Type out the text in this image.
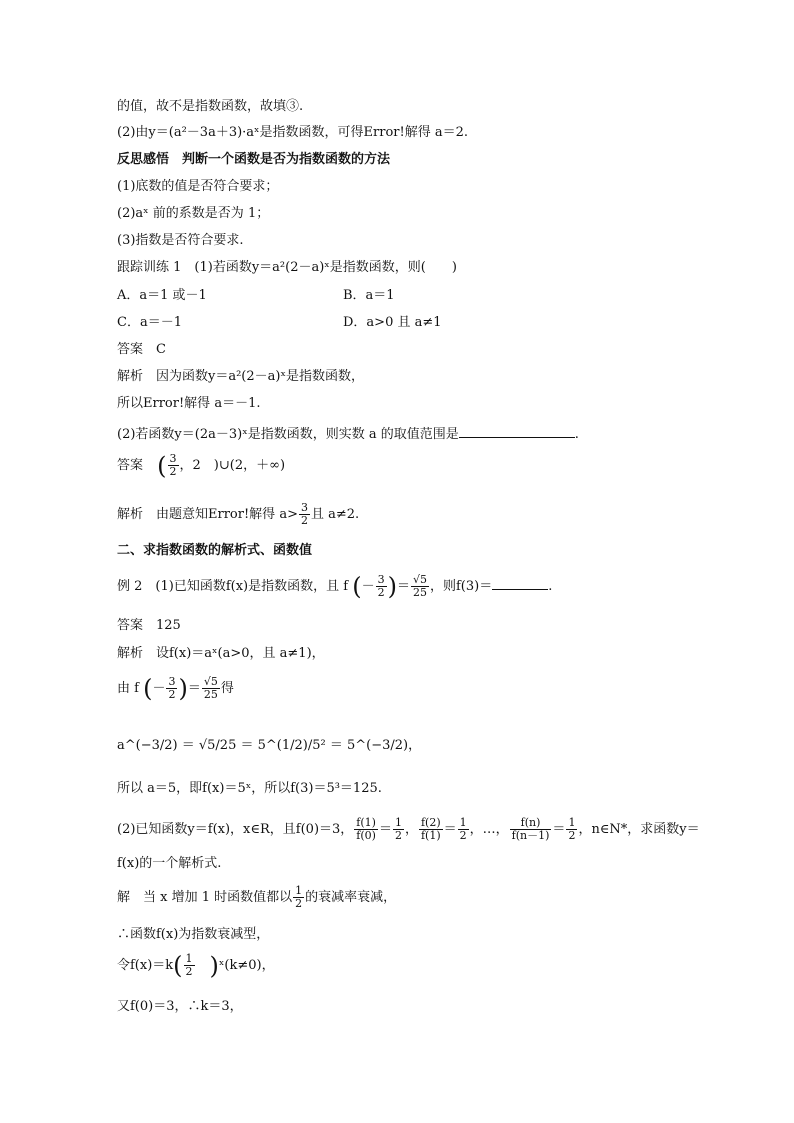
的值，故不是指数函数，故填③.
(2)由y＝(a²－3a＋3)·aˣ是指数函数，可得Error!解得 a＝2.
反思感悟　判断一个函数是否为指数函数的方法
(1)底数的值是否符合要求；
(2)aˣ 前的系数是否为 1；
(3)指数是否符合要求.
跟踪训练 1　(1)若函数y＝a²(2－a)ˣ是指数函数，则(　　)
A．a＝1 或－1	B．a＝1
C．a＝－1	D．a>0 且 a≠1
答案　C
解析　因为函数y＝a²(2－a)ˣ是指数函数，
所以Error!解得 a＝－1.
(2)若函数y＝(2a－3)ˣ是指数函数，则实数 a 的取值范围是	.
答案 ( $\frac{3}{2}$ ，2　)∪(2，＋∞)
解析　由题意知Error!解得 $a> \frac{3}{2}$ 且 a≠2.
二、求指数函数的解析式、函数值
例 2　(1)已知函数f(x)是指数函数，且 f (－ $\frac{3}{2}$ )＝ $\frac{√5}{25}$ ，则f(3)＝	.
答案　125
解析　设f(x)＝aˣ(a>0，且 a≠1)，
由 f (－ $\frac{3}{2}$ )＝ $\frac{√5}{25}$ 得
a^(−3/2) ＝ √5/25 ＝ 5^(1/2)/5² ＝ 5^(−3/2)，
所以 a＝5，即f(x)＝5ˣ，所以f(3)＝5³＝125.
(2)已知函数y＝f(x)，x∈R，且f(0)＝3， $\frac{f(1)}{f(0)} = \frac{1}{2}$ ， $\frac{f(2)}{f(1)} = \frac{1}{2}$ ，…， $\frac{f(n)}{f(n-1)} = \frac{1}{2}$ ，n∈N*，求函数y＝
f(x)的一个解析式.
解　当 x 增加 1 时函数值都以 $\frac{1}{2}$ 的衰减率衰减，
∴函数f(x)为指数衰减型，
令$f(x)=k( \frac{1}{2}$ )ˣ(k≠0)，
又f(0)＝3，∴k＝3，
